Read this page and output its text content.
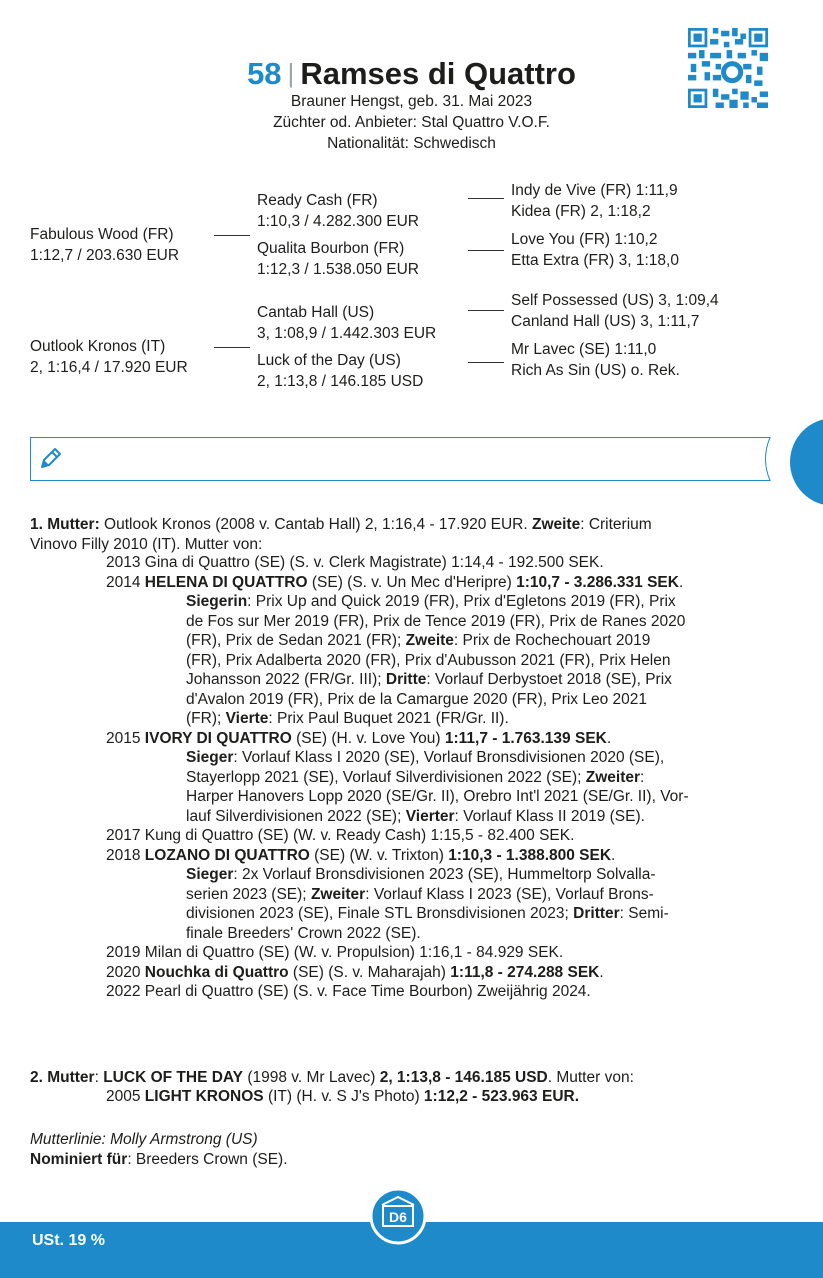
58 | Ramses di Quattro
Brauner Hengst, geb. 31. Mai 2023
Züchter od. Anbieter: Stal Quattro V.O.F.
Nationalität: Schwedisch
Fabulous Wood (FR)
1:12,7 / 203.630 EUR
Ready Cash (FR)
1:10,3 / 4.282.300 EUR
Qualita Bourbon (FR)
1:12,3 / 1.538.050 EUR
Indy de Vive (FR) 1:11,9
Kidea (FR) 2, 1:18,2
Love You (FR) 1:10,2
Etta Extra (FR) 3, 1:18,0
Outlook Kronos (IT)
2, 1:16,4 / 17.920 EUR
Cantab Hall (US)
3, 1:08,9 / 1.442.303 EUR
Luck of the Day (US)
2, 1:13,8 / 146.185 USD
Self Possessed (US) 3, 1:09,4
Canland Hall (US) 3, 1:11,7
Mr Lavec (SE) 1:11,0
Rich As Sin (US) o. Rek.
1. Mutter: Outlook Kronos (2008 v. Cantab Hall) 2, 1:16,4 - 17.920 EUR. Zweite: Criterium
Vinovo Filly 2010 (IT). Mutter von:
2013 Gina di Quattro (SE) (S. v. Clerk Magistrate) 1:14,4 - 192.500 SEK.
2014 HELENA DI QUATTRO (SE) (S. v. Un Mec d'Heripre) 1:10,7 - 3.286.331 SEK.
Siegerin: Prix Up and Quick 2019 (FR), Prix d'Egletons 2019 (FR), Prix
de Fos sur Mer 2019 (FR), Prix de Tence 2019 (FR), Prix de Ranes 2020
(FR), Prix de Sedan 2021 (FR); Zweite: Prix de Rochechouart 2019
(FR), Prix Adalberta 2020 (FR), Prix d'Aubusson 2021 (FR), Prix Helen
Johansson 2022 (FR/Gr. III); Dritte: Vorlauf Derbystoet 2018 (SE), Prix
d'Avalon 2019 (FR), Prix de la Camargue 2020 (FR), Prix Leo 2021
(FR); Vierte: Prix Paul Buquet 2021 (FR/Gr. II).
2015 IVORY DI QUATTRO (SE) (H. v. Love You) 1:11,7 - 1.763.139 SEK.
Sieger: Vorlauf Klass I 2020 (SE), Vorlauf Bronsdivisionen 2020 (SE),
Stayerlopp 2021 (SE), Vorlauf Silverdivisionen 2022 (SE); Zweiter:
Harper Hanovers Lopp 2020 (SE/Gr. II), Orebro Int'l 2021 (SE/Gr. II), Vor-
lauf Silverdivisionen 2022 (SE); Vierter: Vorlauf Klass II 2019 (SE).
2017 Kung di Quattro (SE) (W. v. Ready Cash) 1:15,5 - 82.400 SEK.
2018 LOZANO DI QUATTRO (SE) (W. v. Trixton) 1:10,3 - 1.388.800 SEK.
Sieger: 2x Vorlauf Bronsdivisionen 2023 (SE), Hummeltorp Solvalla-
serien 2023 (SE); Zweiter: Vorlauf Klass I 2023 (SE), Vorlauf Brons-
divisionen 2023 (SE), Finale STL Bronsdivisionen 2023; Dritter: Semi-
finale Breeders' Crown 2022 (SE).
2019 Milan di Quattro (SE) (W. v. Propulsion) 1:16,1 - 84.929 SEK.
2020 Nouchka di Quattro (SE) (S. v. Maharajah) 1:11,8 - 274.288 SEK.
2022 Pearl di Quattro (SE) (S. v. Face Time Bourbon) Zweijährig 2024.
2. Mutter: LUCK OF THE DAY (1998 v. Mr Lavec) 2, 1:13,8 - 146.185 USD. Mutter von:
2005 LIGHT KRONOS (IT) (H. v. S J's Photo) 1:12,2 - 523.963 EUR.
Mutterlinie: Molly Armstrong (US)
Nominiert für: Breeders Crown (SE).
USt. 19 %
D6
